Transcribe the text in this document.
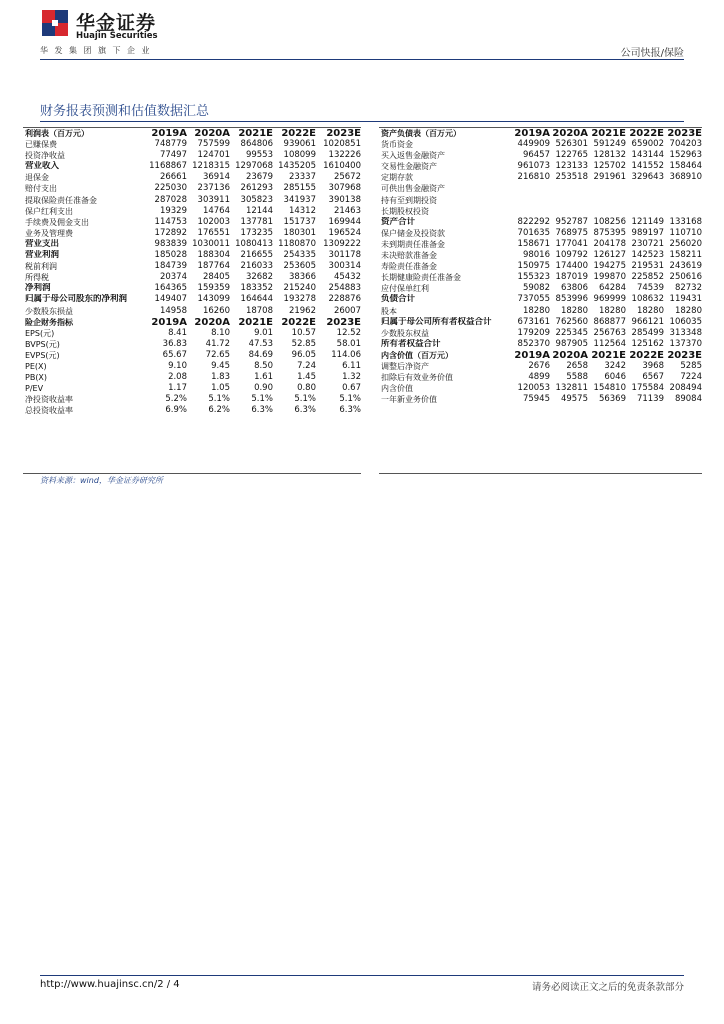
华金证券
Huajin Securities
华发集团旗下企业	公司快报/保险
财务报表预测和估值数据汇总
利润表（百万元）	2019A	2020A	2021E	2022E	2023E
已赚保费	748779	757599	864806	939061	1020851
投资净收益	77497	124701	99553	108099	132226
营业收入	1168867	1218315	1297068	1435205	1610400
退保金	26661	36914	23679	23337	25672
赔付支出	225030	237136	261293	285155	307968
提取保险责任准备金	287028	303911	305823	341937	390138
保户红利支出	19329	14764	12144	14312	21463
手续费及佣金支出	114753	102003	137781	151737	169944
业务及管理费	172892	176551	173235	180301	196524
营业支出	983839	1030011	1080413	1180870	1309222
营业利润	185028	188304	216655	254335	301178
税前利润	184739	187764	216033	253605	300314
所得税	20374	28405	32682	38366	45432
净利润	164365	159359	183352	215240	254883
归属于母公司股东的净利润	149407	143099	164644	193278	228876
少数股东损益	14958	16260	18708	21962	26007
险企财务指标	2019A	2020A	2021E	2022E	2023E
EPS(元)	8.41	8.10	9.01	10.57	12.52
BVPS(元)	36.83	41.72	47.53	52.85	58.01
EVPS(元)	65.67	72.65	84.69	96.05	114.06
PE(X)	9.10	9.45	8.50	7.24	6.11
PB(X)	2.08	1.83	1.61	1.45	1.32
P/EV	1.17	1.05	0.90	0.80	0.67
净投资收益率	5.2%	5.1%	5.1%	5.1%	5.1%
总投资收益率	6.9%	6.2%	6.3%	6.3%	6.3%
资产负债表（百万元）	2019A	2020A	2021E	2022E	2023E
货币资金	449909	526301	591249	659002	704203
买入返售金融资产	96457	122765	128132	143144	152963
交易性金融资产	961073	123133	125702	141552	158464
定期存款	216810	253518	291961	329643	368910
可供出售金融资产					
持有至到期投资					
长期股权投资					
资产合计	822292	952787	108256	121149	133168
保户储金及投资款	701635	768975	875395	989197	110710
未到期责任准备金	158671	177041	204178	230721	256020
未决赔款准备金	98016	109792	126127	142523	158211
寿险责任准备金	150975	174400	194275	219531	243619
长期健康险责任准备金	155323	187019	199870	225852	250616
应付保单红利	59082	63806	64284	74539	82732
负债合计	737055	853996	969999	108632	119431
股本	18280	18280	18280	18280	18280
归属于母公司所有者权益合计	673161	762560	868877	966121	106035
少数股东权益	179209	225345	256763	285499	313348
所有者权益合计	852370	987905	112564	125162	137370
内含价值（百万元）	2019A	2020A	2021E	2022E	2023E
调整后净资产	2676	2658	3242	3968	5285
扣除后有效业务价值	4899	5588	6046	6567	7224
内含价值	120053	132811	154810	175584	208494
一年新业务价值	75945	49575	56369	71139	89084
资料来源：wind，华金证券研究所
http://www.huajinsc.cn/2 / 4	请务必阅读正文之后的免责条款部分
